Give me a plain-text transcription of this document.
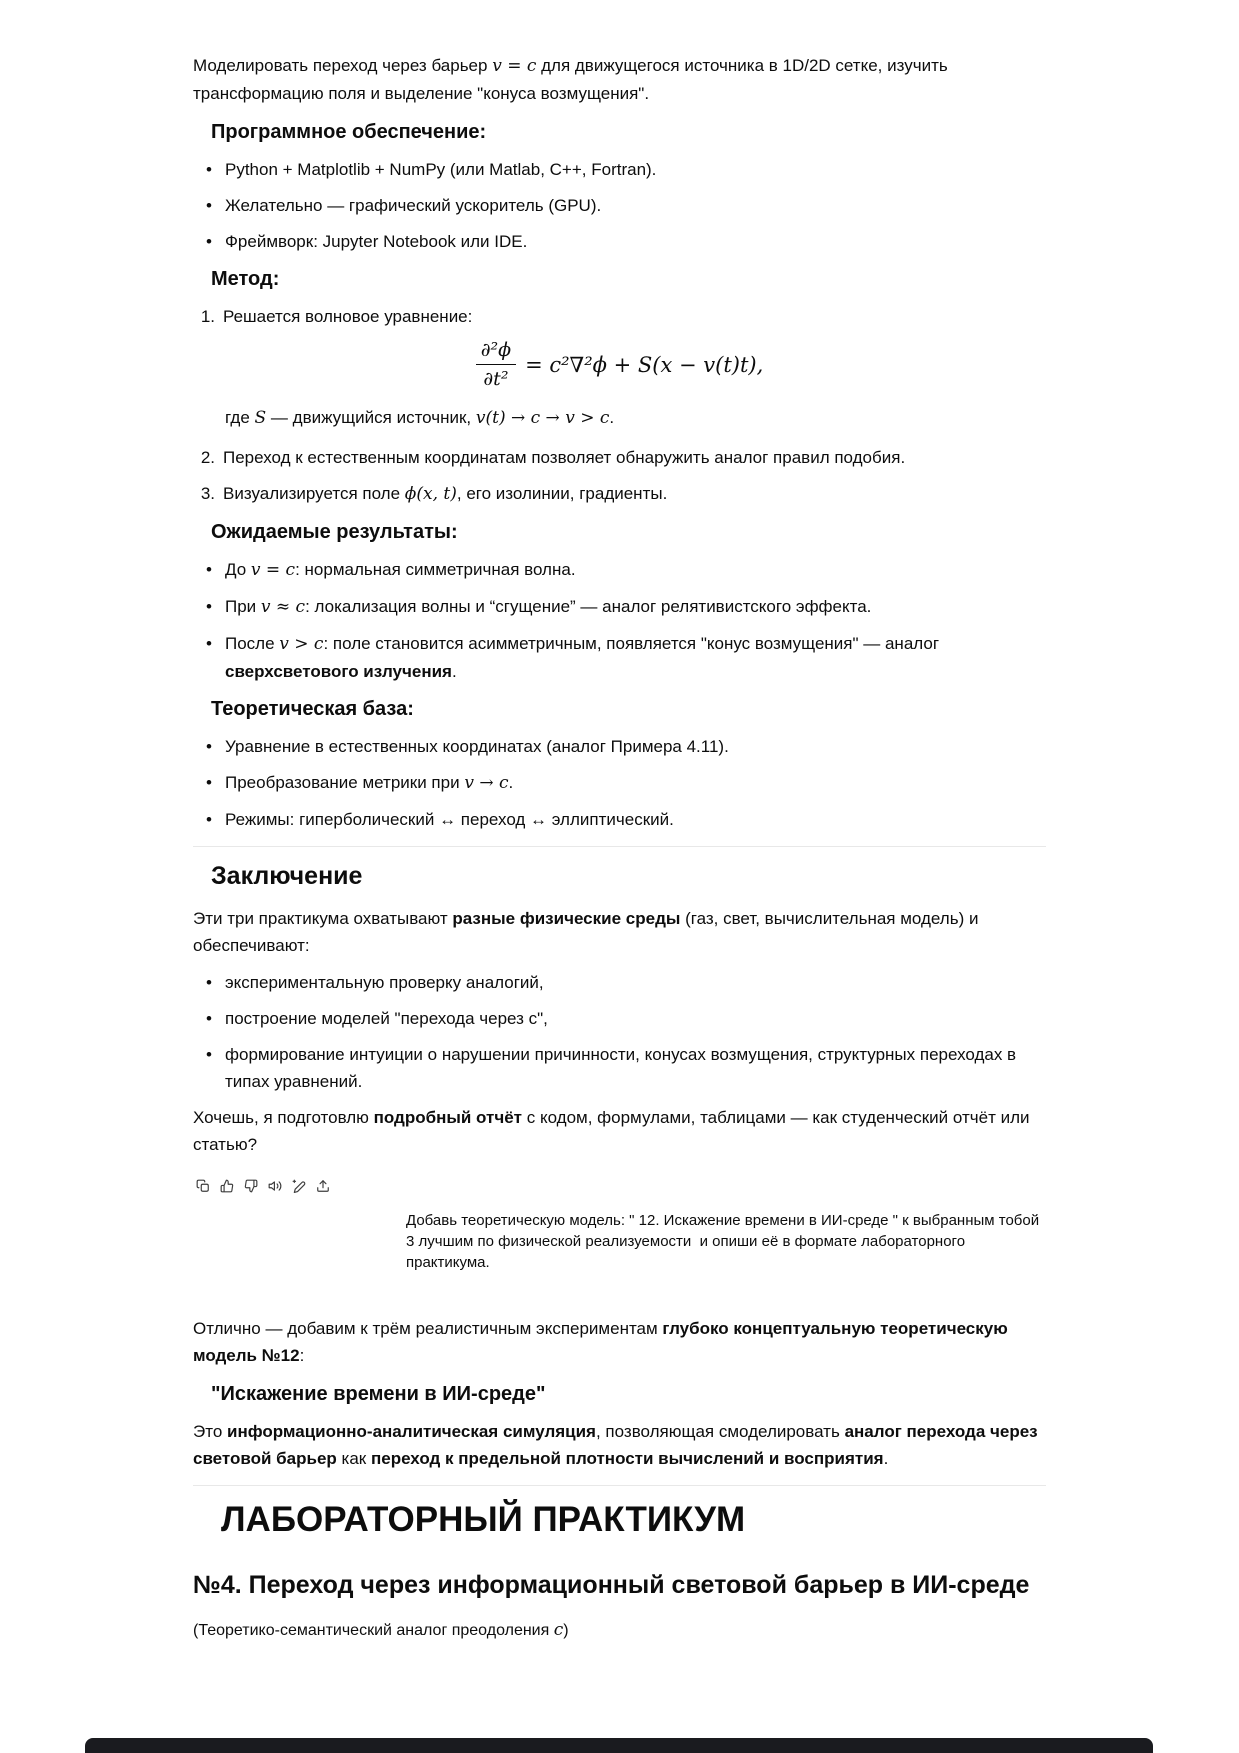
Моделировать переход через барьер v = c для движущегося источника в 1D/2D сетке, изучить трансформацию поля и выделение "конуса возмущения".
Программное обеспечение:
• Python + Matplotlib + NumPy (или Matlab, C++, Fortran).
• Желательно — графический ускоритель (GPU).
• Фреймворк: Jupyter Notebook или IDE.
Метод:
1. Решается волновое уравнение:
$\frac{\text{∂²ϕ}}{\text{∂t²}} = c^2\nabla^2\phi + S(x - v(t)t)$,
где S — движущийся источник, v(t) → c → v > c.
2. Переход к естественным координатам позволяет обнаружить аналог правил подобия.
3. Визуализируется поле ϕ(x, t), его изолинии, градиенты.
Ожидаемые результаты:
• До v = c: нормальная симметричная волна.
• При v ≈ c: локализация волны и “сгущение” — аналог релятивистского эффекта.
• После v > c: поле становится асимметричным, появляется "конус возмущения" — аналог сверхсветового излучения.
Теоретическая база:
• Уравнение в естественных координатах (аналог Примера 4.11).
• Преобразование метрики при v → c.
• Режимы: гиперболический ↔ переход ↔ эллиптический.
Заключение
Эти три практикума охватывают разные физические среды (газ, свет, вычислительная модель) и обеспечивают:
• экспериментальную проверку аналогий,
• построение моделей "перехода через c",
• формирование интуиции о нарушении причинности, конусах возмущения, структурных переходах в типах уравнений.
Хочешь, я подготовлю подробный отчёт с кодом, формулами, таблицами — как студенческий отчёт или статью?
Добавь теоретическую модель: " 12. Искажение времени в ИИ-среде " к выбранным тобой 3 лучшим по физической реализуемости  и опиши её в формате лабораторного практикума.
Отлично — добавим к трём реалистичным экспериментам глубоко концептуальную теоретическую модель №12:
"Искажение времени в ИИ-среде"
Это информационно-аналитическая симуляция, позволяющая смоделировать аналог перехода через световой барьер как переход к предельной плотности вычислений и восприятия.
ЛАБОРАТОРНЫЙ ПРАКТИКУМ
№4. Переход через информационный световой барьер в ИИ-среде
(Теоретико-семантический аналог преодоления c)
